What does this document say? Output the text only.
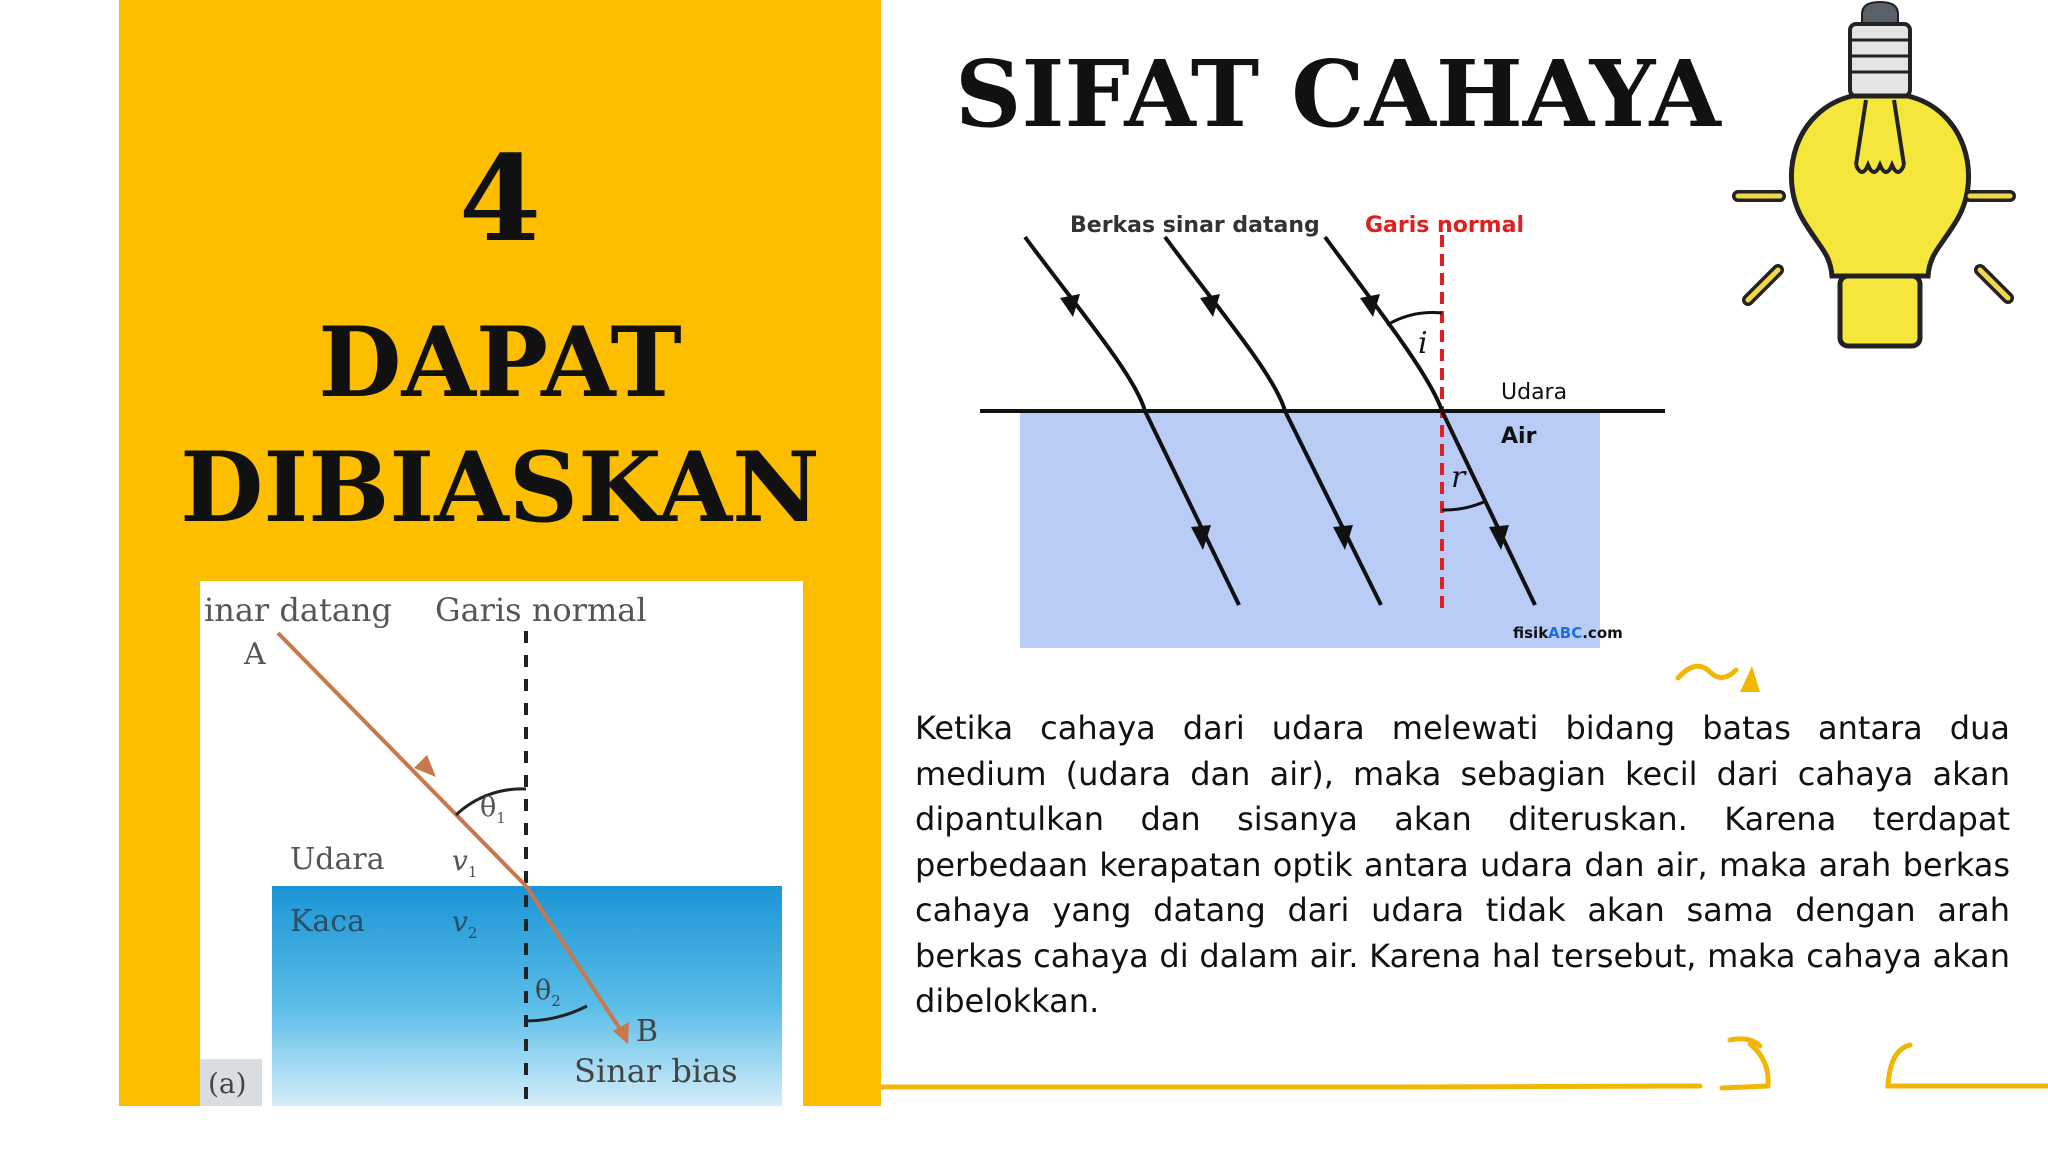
4
DAPAT
DIBIASKAN
inar datang Garis normal
A
$\theta_1$
Udara $v_1$
Kaca	$v_2$
$\theta_2$
B
Sinar bias
(a)
SIFAT CAHAYA
Berkas sinar datang Garis normal
i
Udara
Air
r
fisikABC.com
Ketika cahaya dari udara melewati bidang batas antara dua medium (udara dan air), maka sebagian kecil dari cahaya akan dipantulkan dan sisanya akan diteruskan. Karena terdapat perbedaan kerapatan optik antara udara dan air, maka arah berkas cahaya yang datang dari udara tidak akan sama dengan arah berkas cahaya di dalam air. Karena hal tersebut, maka cahaya akan dibelokkan.
